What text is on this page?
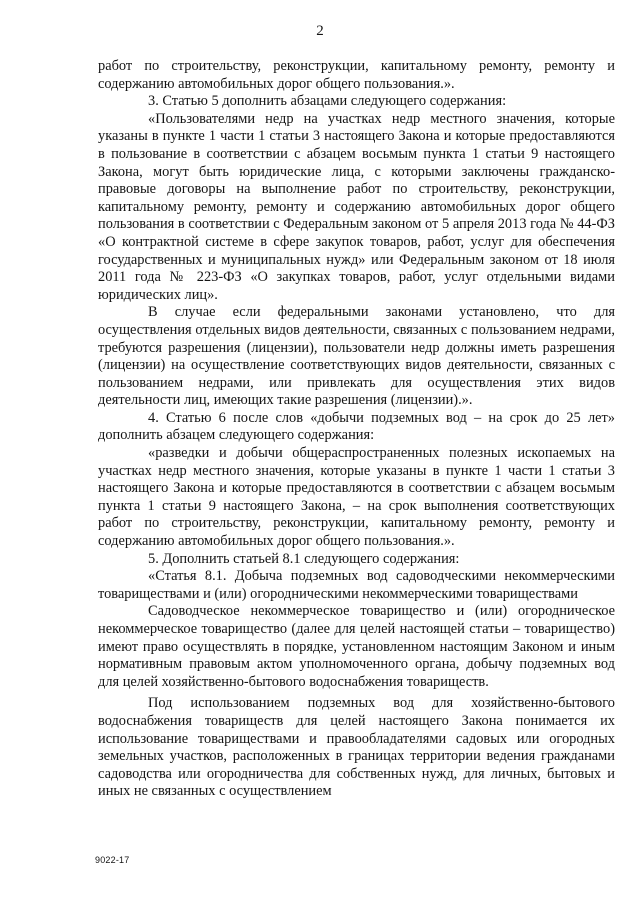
2

работ по строительству, реконструкции, капитальному ремонту, ремонту и содержанию автомобильных дорог общего пользования.».

3. Статью 5 дополнить абзацами следующего содержания:

«Пользователями недр на участках недр местного значения, которые указаны в пункте 1 части 1 статьи 3 настоящего Закона и которые предоставляются в пользование в соответствии с абзацем восьмым пункта 1 статьи 9 настоящего Закона, могут быть юридические лица, с которыми заключены гражданско-правовые договоры на выполнение работ по строительству, реконструкции, капитальному ремонту, ремонту и содержанию автомобильных дорог общего пользования в соответствии с Федеральным законом от 5 апреля 2013 года № 44-ФЗ «О контрактной системе в сфере закупок товаров, работ, услуг для обеспечения государственных и муниципальных нужд» или Федеральным законом от 18 июля 2011 года № 223-ФЗ «О закупках товаров, работ, услуг отдельными видами юридических лиц».

В случае если федеральными законами установлено, что для осуществления отдельных видов деятельности, связанных с пользованием недрами, требуются разрешения (лицензии), пользователи недр должны иметь разрешения (лицензии) на осуществление соответствующих видов деятельности, связанных с пользованием недрами, или привлекать для осуществления этих видов деятельности лиц, имеющих такие разрешения (лицензии).».

4. Статью 6 после слов «добычи подземных вод – на срок до 25 лет» дополнить абзацем следующего содержания:

«разведки и добычи общераспространенных полезных ископаемых на участках недр местного значения, которые указаны в пункте 1 части 1 статьи 3 настоящего Закона и которые предоставляются в соответствии с абзацем восьмым пункта 1 статьи 9 настоящего Закона, – на срок выполнения соответствующих работ по строительству, реконструкции, капитальному ремонту, ремонту и содержанию автомобильных дорог общего пользования.».

5. Дополнить статьей 8.1 следующего содержания:

«Статья 8.1. Добыча подземных вод садоводческими некоммерческими товариществами и (или) огородническими некоммерческими товариществами

Садоводческое некоммерческое товарищество и (или) огородническое некоммерческое товарищество (далее для целей настоящей статьи – товарищество) имеют право осуществлять в порядке, установленном настоящим Законом и иным нормативным правовым актом уполномоченного органа, добычу подземных вод для целей хозяйственно-бытового водоснабжения товариществ.

Под использованием подземных вод для хозяйственно-бытового водоснабжения товариществ для целей настоящего Закона понимается их использование товариществами и правообладателями садовых или огородных земельных участков, расположенных в границах территории ведения гражданами садоводства или огородничества для собственных нужд, для личных, бытовых и иных не связанных с осуществлением

9022-17
